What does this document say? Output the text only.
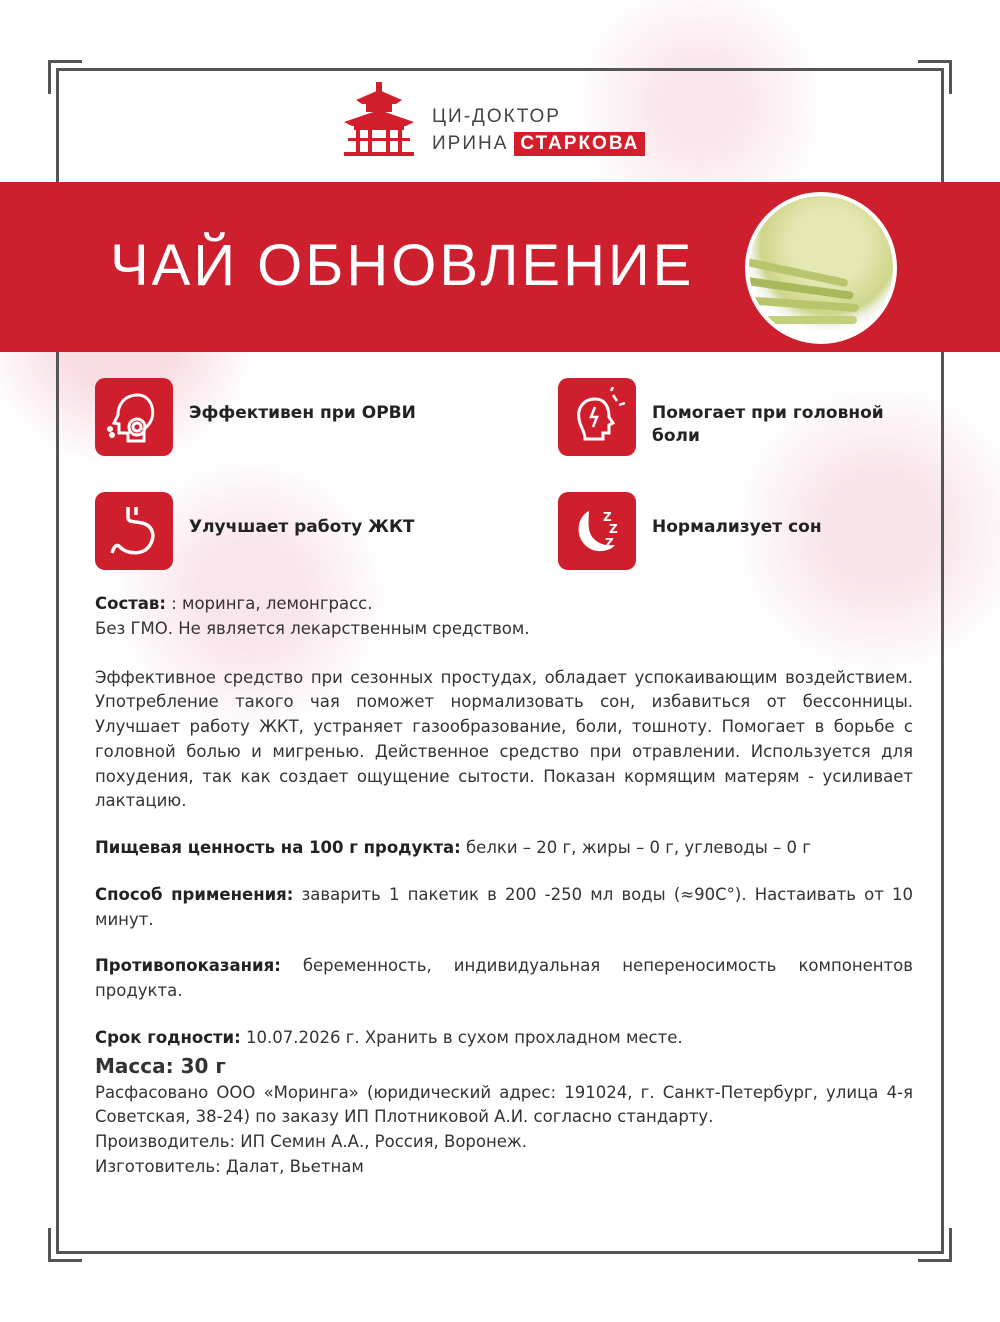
ЦИ-ДОКТОР
ИРИНА СТАРКОВА
ЧАЙ ОБНОВЛЕНИЕ
Эффективен при ОРВИ	Помогает при головной боли
Улучшает работу ЖКТ	Z
Z
Z
Нормализует сон

Состав: : моринга, лемонграсс.

Без ГМО. Не является лекарственным средством.

Эффективное средство при сезонных простудах, обладает успокаивающим воздействием. Употребление такого чая поможет нормализовать сон, избавиться от бессонницы. Улучшает работу ЖКТ, устраняет газообразование, боли, тошноту. Помогает в борьбе с головной болью и мигренью. Действенное средство при отравлении. Используется для похудения, так как создает ощущение сытости. Показан кормящим матерям - усиливает лактацию.

Пищевая ценность на 100 г продукта: белки – 20 г, жиры – 0 г, углеводы – 0 г

Способ применения: заварить 1 пакетик в 200 -250 мл воды (≈90С°). Настаивать от 10 минут.

Противопоказания: беременность, индивидуальная непереносимость компонентов продукта.

Срок годности: 10.07.2026 г. Хранить в сухом прохладном месте.

Масса: 30 г

Расфасовано ООО «Моринга» (юридический адрес: 191024, г. Санкт-Петербург, улица 4-я Советская, 38-24) по заказу ИП Плотниковой А.И. согласно стандарту.

Производитель: ИП Семин А.А., Россия, Воронеж.

Изготовитель: Далат, Вьетнам
